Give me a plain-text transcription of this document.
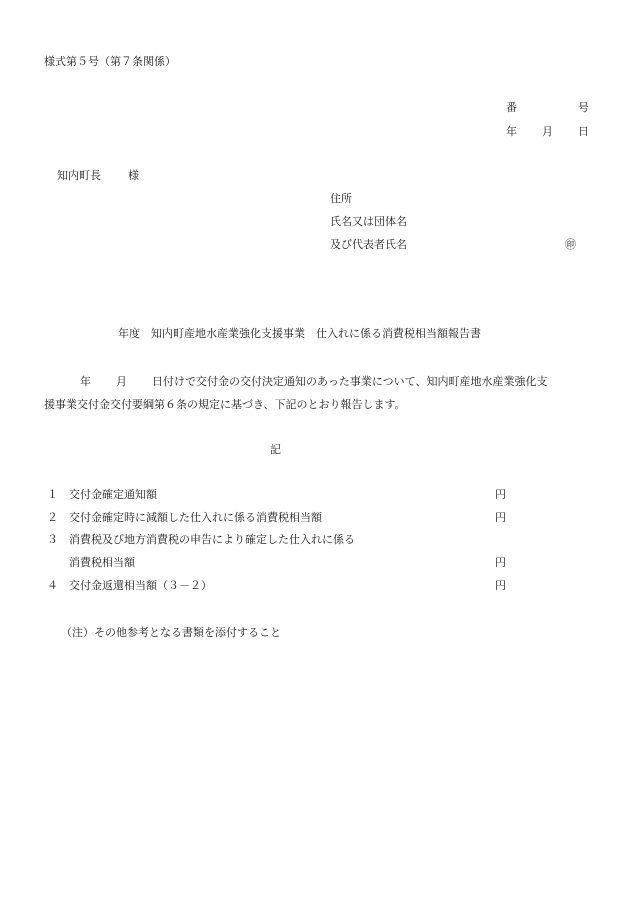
様式第５号（第７条関係）
番	号
年 月 日
知内町長 様
住所
氏名又は団体名
及び代表者氏名	㊞
年度 知内町産地水産業強化支援事業　仕入れに係る消費税相当額報告書
年 月 日付けで交付金の交付決定通知のあった事業について、知内町産地水産業強化支
援事業交付金交付要綱第６条の規定に基づき、下記のとおり報告します。
記
１ 交付金確定通知額	円
２ 交付金確定時に減額した仕入れに係る消費税相当額	円
３ 消費税及び地方消費税の申告により確定した仕入れに係る
消費税相当額	円
４ 交付金返還相当額（３－２）	円
（注）その他参考となる書類を添付すること
